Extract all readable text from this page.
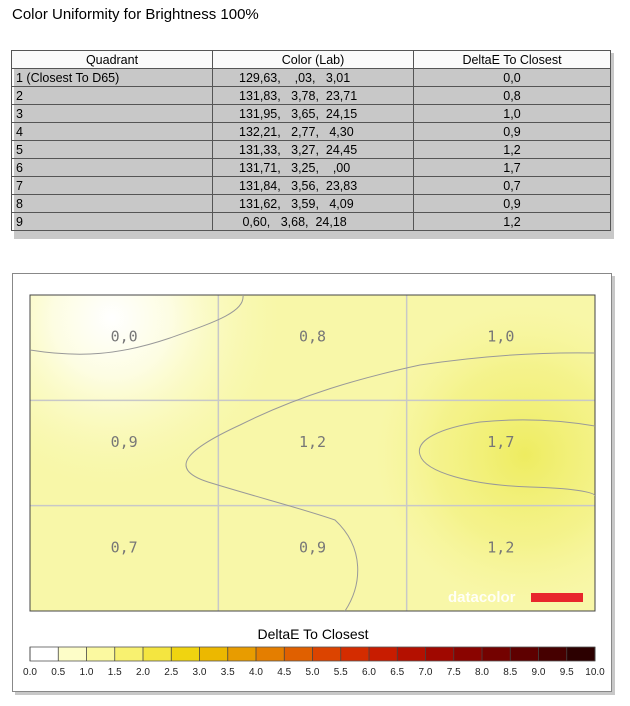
Color Uniformity for Brightness 100%
Quadrant	Color (Lab)	DeltaE To Closest
1 (Closest To D65)	129,63,    ,03,   3,01	0,0
2	131,83,   3,78,  23,71	0,8
3	131,95,   3,65,  24,15	1,0
4	132,21,   2,77,   4,30	0,9
5	131,33,   3,27,  24,45	1,2
6	131,71,   3,25,    ,00	1,7
7	131,84,   3,56,  23,83	0,7
8	131,62,   3,59,   4,09	0,9
9	0,60,   3,68,  24,18	1,2
0,0	0,8	1,0
0,9	1,2	1,7
0,7	0,9	1,2
datacolor
DeltaE To Closest
0.0 0.5 1.0 1.5 2.0 2.5 3.0 3.5 4.0 4.5 5.0 5.5 6.0 6.5 7.0 7.5 8.0 8.5 9.0 9.5 10.0
